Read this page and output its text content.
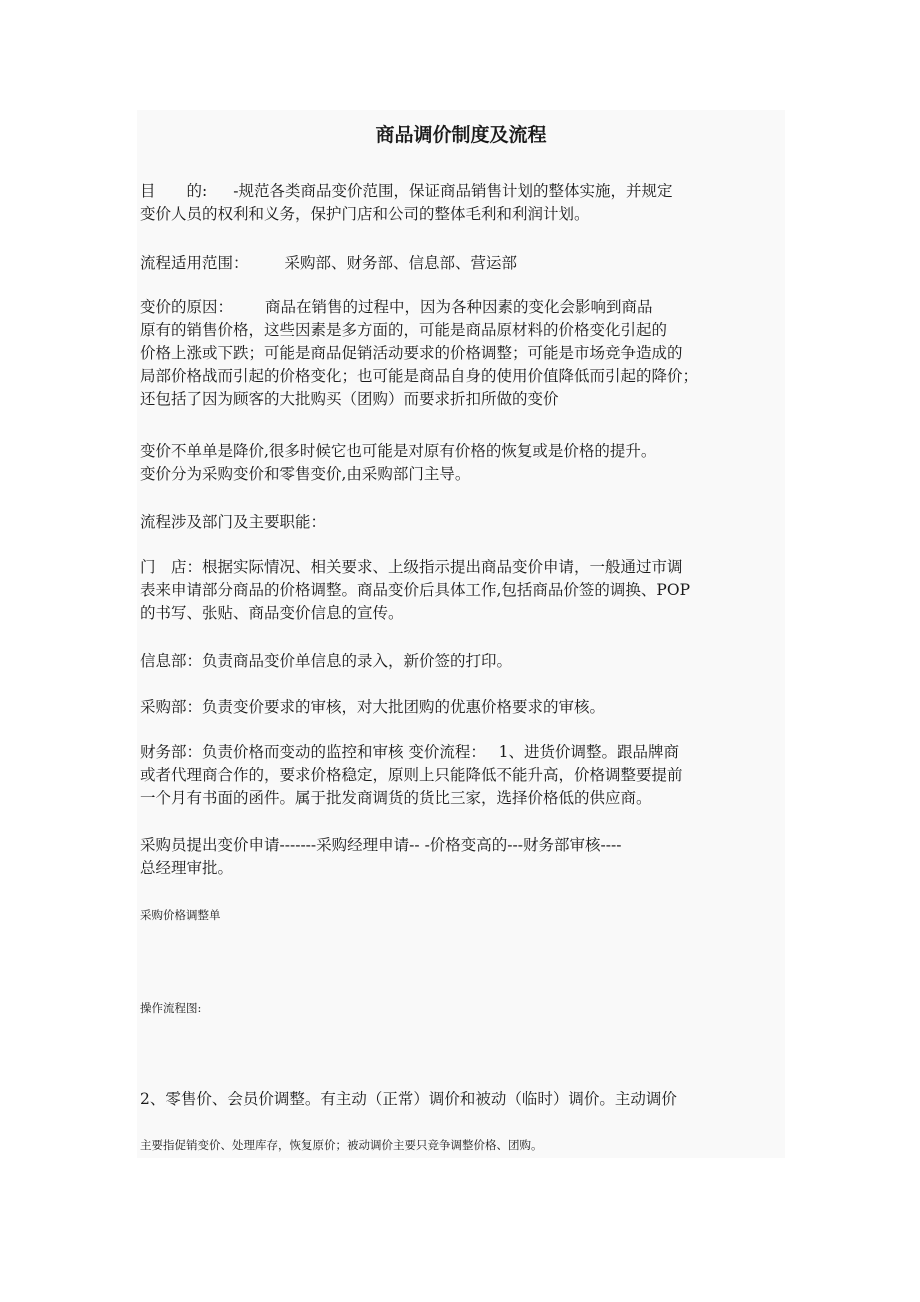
商品调价制度及流程

目　　的: -规范各类商品变价范围，保证商品销售计划的整体实施，并规定
变价人员的权利和义务，保护门店和公司的整体毛利和利润计划。

流程适用范围： 采购部、财务部、信息部、营运部

变价的原因： 商品在销售的过程中，因为各种因素的变化会影响到商品
原有的销售价格，这些因素是多方面的，可能是商品原材料的价格变化引起的
价格上涨或下跌；可能是商品促销活动要求的价格调整；可能是市场竞争造成的
局部价格战而引起的价格变化；也可能是商品自身的使用价值降低而引起的降价；
还包括了因为顾客的大批购买（团购）而要求折扣所做的变价

变价不单单是降价,很多时候它也可能是对原有价格的恢复或是价格的提升。
变价分为采购变价和零售变价,由采购部门主导。

流程涉及部门及主要职能：

门　店：根据实际情况、相关要求、上级指示提出商品变价申请，一般通过市调
表来申请部分商品的价格调整。商品变价后具体工作,包括商品价签的调换、POP
的书写、张贴、商品变价信息的宣传。

信息部：负责商品变价单信息的录入，新价签的打印。

采购部：负责变价要求的审核，对大批团购的优惠价格要求的审核。

财务部：负责价格而变动的监控和审核 变价流程：　 1、进货价调整。跟品牌商
或者代理商合作的，要求价格稳定，原则上只能降低不能升高，价格调整要提前
一个月有书面的函件。属于批发商调货的货比三家，选择价格低的供应商。

采购员提出变价申请-------采购经理申请-- -价格变高的---财务部审核----
总经理审批。

采购价格调整单

操作流程图:

2、零售价、会员价调整。有主动（正常）调价和被动（临时）调价。主动调价

主要指促销变价、处理库存，恢复原价；被动调价主要只竞争调整价格、团购。
